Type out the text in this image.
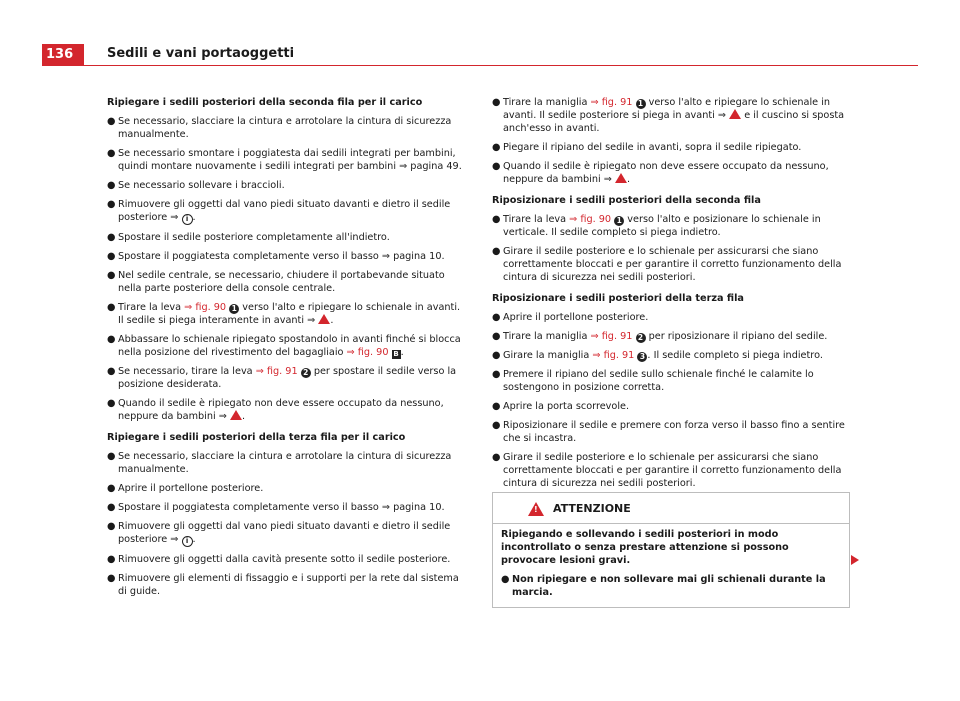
136	Sedili e vani portaoggetti
Ripiegare i sedili posteriori della seconda fila per il carico
● Se necessario, slacciare la cintura e arrotolare la cintura di sicurezza manualmente.
● Se necessario smontare i poggiatesta dai sedili integrati per bambini, quindi montare nuovamente i sedili integrati per bambini ⇒ pagina 49.
● Se necessario sollevare i braccioli.
● Rimuovere gli oggetti dal vano piedi situato davanti e dietro il sedile posteriore ⇒ i .
● Spostare il sedile posteriore completamente all'indietro.
● Spostare il poggiatesta completamente verso il basso ⇒ pagina 10.
● Nel sedile centrale, se necessario, chiudere il portabevande situato nella parte posteriore della console centrale.
● Tirare la leva ⇒ fig. 90 1 verso l'alto e ripiegare lo schienale in avanti. Il sedile si piega interamente in avanti ⇒ .
● Abbassare lo schienale ripiegato spostandolo in avanti finché si blocca nella posizione del rivestimento del bagagliaio ⇒ fig. 90 B .
● Se necessario, tirare la leva ⇒ fig. 91 2 per spostare il sedile verso la posizione desiderata.
● Quando il sedile è ripiegato non deve essere occupato da nessuno, neppure da bambini ⇒ .
Ripiegare i sedili posteriori della terza fila per il carico
● Se necessario, slacciare la cintura e arrotolare la cintura di sicurezza manualmente.
● Aprire il portellone posteriore.
● Spostare il poggiatesta completamente verso il basso ⇒ pagina 10.
● Rimuovere gli oggetti dal vano piedi situato davanti e dietro il sedile posteriore ⇒ i .
● Rimuovere gli oggetti dalla cavità presente sotto il sedile posteriore.
● Rimuovere gli elementi di fissaggio e i supporti per la rete dal sistema di guide.
● Tirare la maniglia ⇒ fig. 91 1 verso l'alto e ripiegare lo schienale in avanti. Il sedile posteriore si piega in avanti ⇒  e il cuscino si sposta anch'esso in avanti.
● Piegare il ripiano del sedile in avanti, sopra il sedile ripiegato.
● Quando il sedile è ripiegato non deve essere occupato da nessuno, neppure da bambini ⇒ .
Riposizionare i sedili posteriori della seconda fila
● Tirare la leva ⇒ fig. 90 1 verso l'alto e posizionare lo schienale in verticale. Il sedile completo si piega indietro.
● Girare il sedile posteriore e lo schienale per assicurarsi che siano correttamente bloccati e per garantire il corretto funzionamento della cintura di sicurezza nei sedili posteriori.
Riposizionare i sedili posteriori della terza fila
● Aprire il portellone posteriore.
● Tirare la maniglia ⇒ fig. 91 2 per riposizionare il ripiano del sedile.
● Girare la maniglia ⇒ fig. 91 3 . Il sedile completo si piega indietro.
● Premere il ripiano del sedile sullo schienale finché le calamite lo sostengono in posizione corretta.
● Aprire la porta scorrevole.
● Riposizionare il sedile e premere con forza verso il basso fino a sentire che si incastra.
● Girare il sedile posteriore e lo schienale per assicurarsi che siano correttamente bloccati e per garantire il corretto funzionamento della cintura di sicurezza nei sedili posteriori.
! ATTENZIONE
Ripiegando e sollevando i sedili posteriori in modo incontrollato o senza prestare attenzione si possono provocare lesioni gravi.
● Non ripiegare e non sollevare mai gli schienali durante la marcia.
